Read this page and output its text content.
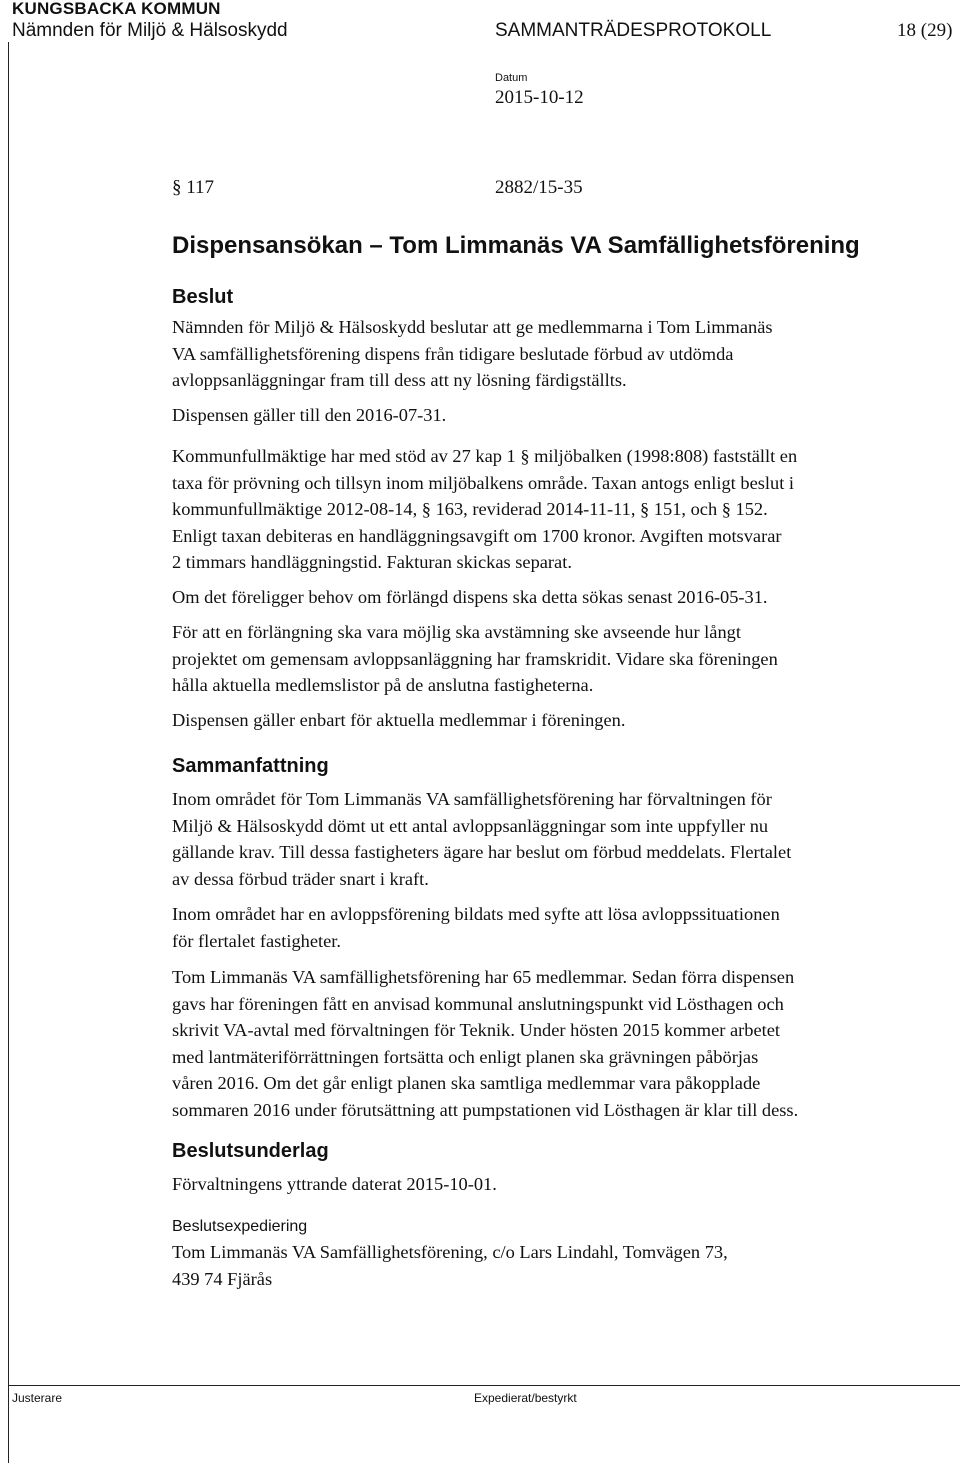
KUNGSBACKA KOMMUN
Nämnden för Miljö & Hälsoskydd	SAMMANTRÄDESPROTOKOLL	18 (29)
Datum
2015-10-12
§ 117	2882/15-35
Dispensansökan – Tom Limmanäs VA Samfällighetsförening
Beslut
Nämnden för Miljö & Hälsoskydd beslutar att ge medlemmarna i Tom Limmanäs
VA samfällighetsförening dispens från tidigare beslutade förbud av utdömda
avloppsanläggningar fram till dess att ny lösning färdigställts.
Dispensen gäller till den 2016-07-31.
Kommunfullmäktige har med stöd av 27 kap 1 § miljöbalken (1998:808) fastställt en
taxa för prövning och tillsyn inom miljöbalkens område. Taxan antogs enligt beslut i
kommunfullmäktige 2012-08-14, § 163, reviderad 2014-11-11, § 151, och § 152.
Enligt taxan debiteras en handläggningsavgift om 1700 kronor. Avgiften motsvarar
2 timmars handläggningstid. Fakturan skickas separat.
Om det föreligger behov om förlängd dispens ska detta sökas senast 2016-05-31.
För att en förlängning ska vara möjlig ska avstämning ske avseende hur långt
projektet om gemensam avloppsanläggning har framskridit. Vidare ska föreningen
hålla aktuella medlemslistor på de anslutna fastigheterna.
Dispensen gäller enbart för aktuella medlemmar i föreningen.
Sammanfattning
Inom området för Tom Limmanäs VA samfällighetsförening har förvaltningen för
Miljö & Hälsoskydd dömt ut ett antal avloppsanläggningar som inte uppfyller nu
gällande krav. Till dessa fastigheters ägare har beslut om förbud meddelats. Flertalet
av dessa förbud träder snart i kraft.
Inom området har en avloppsförening bildats med syfte att lösa avloppssituationen
för flertalet fastigheter.
Tom Limmanäs VA samfällighetsförening har 65 medlemmar. Sedan förra dispensen
gavs har föreningen fått en anvisad kommunal anslutningspunkt vid Lösthagen och
skrivit VA-avtal med förvaltningen för Teknik. Under hösten 2015 kommer arbetet
med lantmäteriförrättningen fortsätta och enligt planen ska grävningen påbörjas
våren 2016. Om det går enligt planen ska samtliga medlemmar vara påkopplade
sommaren 2016 under förutsättning att pumpstationen vid Lösthagen är klar till dess.
Beslutsunderlag
Förvaltningens yttrande daterat 2015-10-01.
Beslutsexpediering
Tom Limmanäs VA Samfällighetsförening, c/o Lars Lindahl, Tomvägen 73,
439 74 Fjärås
Justerare	Expedierat/bestyrkt
